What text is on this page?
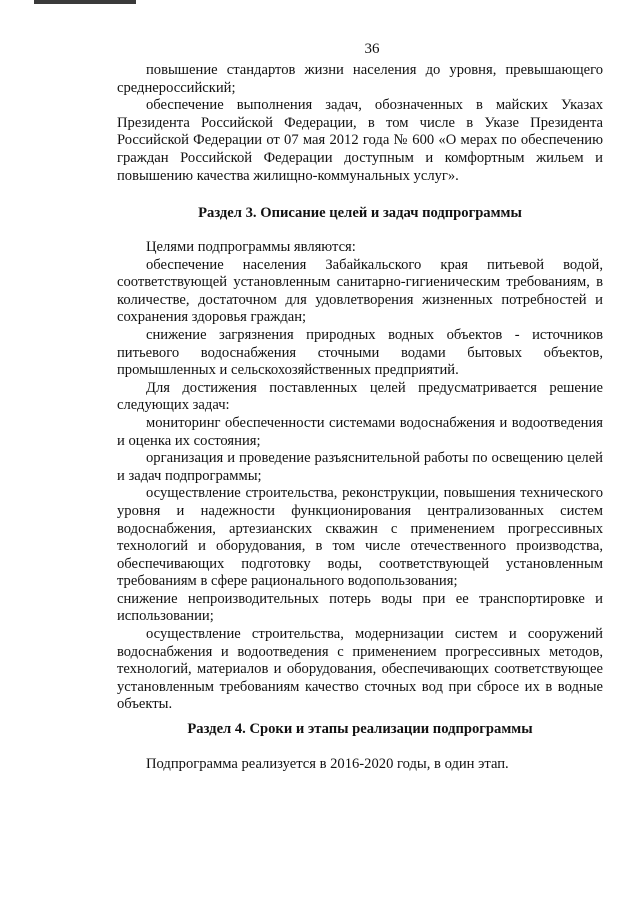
36

повышение стандартов жизни населения до уровня, превышающего среднероссийский;

обеспечение выполнения задач, обозначенных в майских Указах Президента Российской Федерации, в том числе в Указе Президента Российской Федерации от 07 мая 2012 года № 600 «О мерах по обеспечению граждан Российской Федерации доступным и комфортным жильем и повышению качества жилищно-коммунальных услуг».

Раздел 3. Описание целей и задач подпрограммы

Целями подпрограммы являются:

обеспечение населения Забайкальского края питьевой водой, соответствующей установленным санитарно-гигиеническим требованиям, в количестве, достаточном для удовлетворения жизненных потребностей и сохранения здоровья граждан;

снижение загрязнения природных водных объектов - источников питьевого водоснабжения сточными водами бытовых объектов, промышленных и сельскохозяйственных предприятий.

Для достижения поставленных целей предусматривается решение следующих задач:

мониторинг обеспеченности системами водоснабжения и водоотведения и оценка их состояния;

организация и проведение разъяснительной работы по освещению целей и задач подпрограммы;

осуществление строительства, реконструкции, повышения технического уровня и надежности функционирования централизованных систем водоснабжения, артезианских скважин с применением прогрессивных технологий и оборудования, в том числе отечественного производства, обеспечивающих подготовку воды, соответствующей установленным требованиям в сфере рационального водопользования;

снижение непроизводительных потерь воды при ее транспортировке и использовании;

осуществление строительства, модернизации систем и сооружений водоснабжения и водоотведения с применением прогрессивных методов, технологий, материалов и оборудования, обеспечивающих соответствующее установленным требованиям качество сточных вод при сбросе их в водные объекты.

Раздел 4. Сроки и этапы реализации подпрограммы

Подпрограмма реализуется в 2016-2020 годы, в один этап.
